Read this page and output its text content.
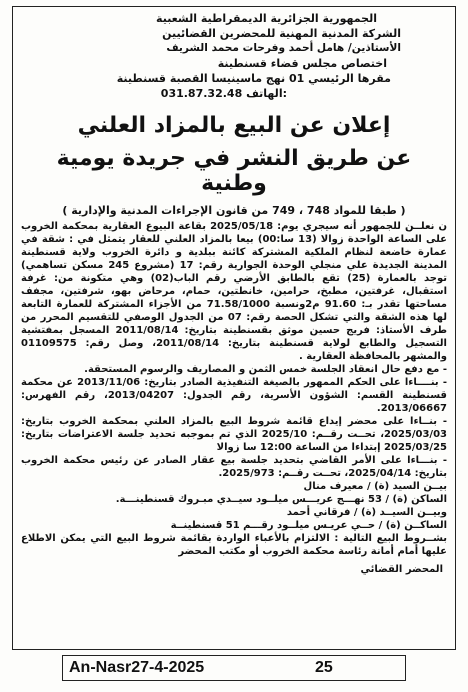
الجمهورية الجزائرية الديمقراطية الشعبية

الشركة المدنية المهنية للمحضرين القضائيين

الأستاذين/ هامل أحمد وفرحات محمد الشريف

اختصاص مجلس قضاء قسنطينة

مقرها الرئيسي 01 نهج ماسينيسا القصبة قسنطينة

031.87.32.48 الهاتف:

إعلان عن البيع بالمزاد العلني
عن طريق النشر في جريدة يومية وطنية
( طبقا للمواد 748 ، 749 من قانون الإجراءات المدنية والإدارية )

ن نعلــن للجمهور أنه سيجري يوم: 2025/05/18 بقاعة البيوع العقارية بمحكمة الخروب على الساعة الواحدة زوالا (13 سا:00) بيعا بالمزاد العلني للعقار يتمثل في : شقة في عمارة خاضعة لنظام الملكية المشتركة كائنة ببلدية و دائرة الخروب ولاية قسنطينة المدينة الجديدة علي منجلي الوحدة الجوارية رقم: 17 (مشروع 245 مسكن تساهمي) توجد بالعمارة (25) تقع بالطابق الأرضي رقم الباب(02) وهي متكونة من: غرفة استقبال، غرفتين، مطبخ، حرامين، خانطتين، حمام، مرحاض بهو، شرفتين، مجفف مساحتها تقدر بـ: 91.60 م2ونسبة 71.58/1000 من الأجزاء المشتركة للعمارة التابعة لها هذه الشقة والتي تشكل الحصة رقم: 07 من الجدول الوصفي للتقسيم المحرر من طرف الأستاذ: فريج حسين موثق بقسنطينة بتاريخ: 2011/08/14 المسجل بمفتشية التسجيل والطابع لولاية قسنطينة بتاريخ: 2011/08/14، وصل رقم: 01109575 والمشهر بالمحافظة العقارية .

- مع دفع حال انعقاد الجلسة خمس الثمن و المصاريف والرسوم المستحقة.

- بنــــاءا على الحكم الممهور بالصيغة التنفيذية الصادر بتاريخ: 2013/11/06 عن محكمة قسنطينة القسم: الشؤون الأسرية، رقم الجدول: 2013/04207، رقم الفهرس: 2013/06667.

- بنــاءا على محضر إيداع قائمة شروط البيع بالمزاد العلني بمحكمة الخروب بتاريخ: 2025/03/03، تحــت رقــم: 2025/10 الذي تم بموجبه تحديد جلسة الاعتراضات بتاريخ: 2025/03/25 إبتداءا من الساعة 12:00 سا زوالا

- بنـــاءا على الأمر القاضي بتحديد جلسة بيع عقار الصادر عن رئيس محكمة الخروب بتاريخ: 2025/04/14، تحــت رقــم: 2025/973.

بيــن السيد (ة) / معيرف منال

الساكن (ة) / 53 نهـــج عريـــس ميلــود سيــدي مبـروك قسنطينـــة.

وبيــن السيــد (ة) / فرقاني أحمد

الساكــن (ة) / حــي عريـس ميلــود رقـــم 51 قسنطينــة

بشــروط البيع التالية : الالتزام بالأعباء الواردة بقائمة شروط البيع التي يمكن الاطلاع عليها أمام أمانة رئاسة محكمة الخروب أو مكتب المحضر

المحضر القضائي
An-Nasr27-4-2025	25
